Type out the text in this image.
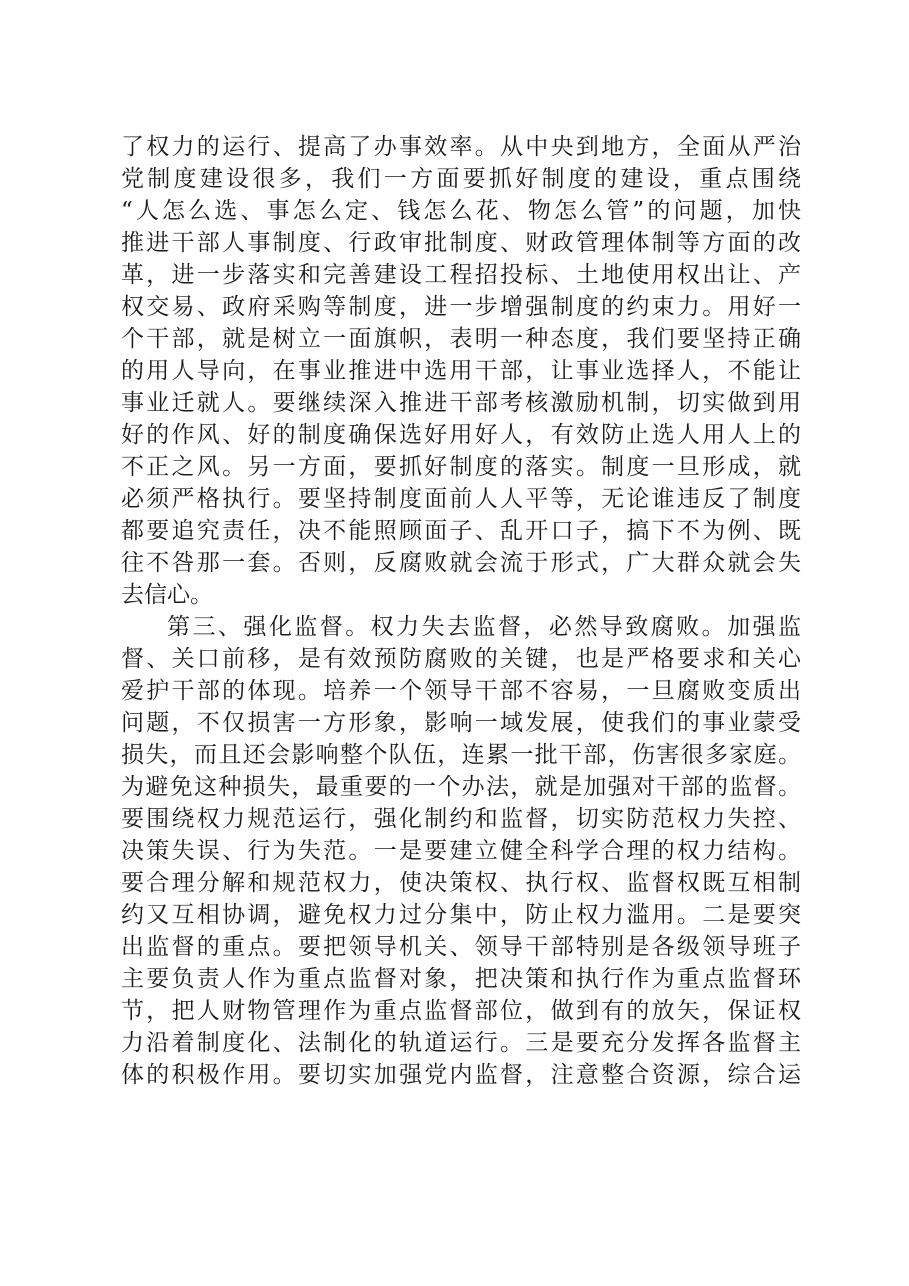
了权力的运行、提高了办事效率。从中央到地方，全面从严治
党制度建设很多，我们一方面要抓好制度的建设，重点围绕
“人怎么选、事怎么定、钱怎么花、物怎么管”的问题，加快
推进干部人事制度、行政审批制度、财政管理体制等方面的改
革，进一步落实和完善建设工程招投标、土地使用权出让、产
权交易、政府采购等制度，进一步增强制度的约束力。用好一
个干部，就是树立一面旗帜，表明一种态度，我们要坚持正确
的用人导向，在事业推进中选用干部，让事业选择人，不能让
事业迁就人。要继续深入推进干部考核激励机制，切实做到用
好的作风、好的制度确保选好用好人，有效防止选人用人上的
不正之风。另一方面，要抓好制度的落实。制度一旦形成，就
必须严格执行。要坚持制度面前人人平等，无论谁违反了制度
都要追究责任，决不能照顾面子、乱开口子，搞下不为例、既
往不咎那一套。否则，反腐败就会流于形式，广大群众就会失
去信心。
第三、强化监督。权力失去监督，必然导致腐败。加强监
督、关口前移，是有效预防腐败的关键，也是严格要求和关心
爱护干部的体现。培养一个领导干部不容易，一旦腐败变质出
问题，不仅损害一方形象，影响一域发展，使我们的事业蒙受
损失，而且还会影响整个队伍，连累一批干部，伤害很多家庭。
为避免这种损失，最重要的一个办法，就是加强对干部的监督。
要围绕权力规范运行，强化制约和监督，切实防范权力失控、
决策失误、行为失范。一是要建立健全科学合理的权力结构。
要合理分解和规范权力，使决策权、执行权、监督权既互相制
约又互相协调，避免权力过分集中，防止权力滥用。二是要突
出监督的重点。要把领导机关、领导干部特别是各级领导班子
主要负责人作为重点监督对象，把决策和执行作为重点监督环
节，把人财物管理作为重点监督部位，做到有的放矢，保证权
力沿着制度化、法制化的轨道运行。三是要充分发挥各监督主
体的积极作用。要切实加强党内监督，注意整合资源，综合运
